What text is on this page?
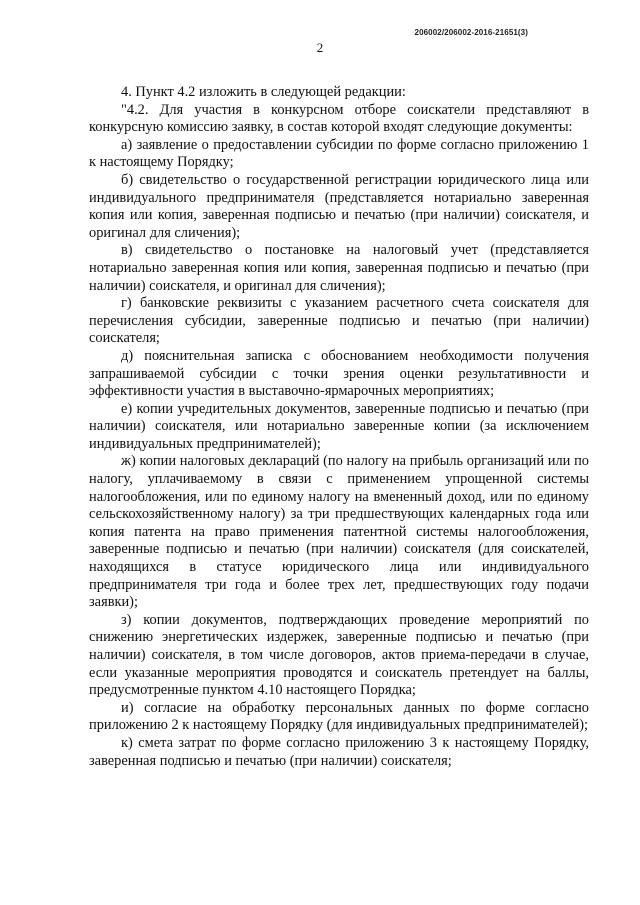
206002/206002-2016-21651(3)
2

4. Пункт 4.2 изложить в следующей редакции:

"4.2. Для участия в конкурсном отборе соискатели представляют в конкурсную комиссию заявку, в состав которой входят следующие документы:

а) заявление о предоставлении субсидии по форме согласно приложению 1 к настоящему Порядку;

б) свидетельство о государственной регистрации юридического лица или индивидуального предпринимателя (представляется нотариально заверенная копия или копия, заверенная подписью и печатью (при наличии) соискателя, и оригинал для сличения);

в) свидетельство о постановке на налоговый учет (представляется нотариально заверенная копия или копия, заверенная подписью и печатью (при наличии) соискателя, и оригинал для сличения);

г) банковские реквизиты с указанием расчетного счета соискателя для перечисления субсидии, заверенные подписью и печатью (при наличии) соискателя;

д) пояснительная записка с обоснованием необходимости получения запрашиваемой субсидии с точки зрения оценки результативности и эффективности участия в выставочно-ярмарочных мероприятиях;

е) копии учредительных документов, заверенные подписью и печатью (при наличии) соискателя, или нотариально заверенные копии (за исключением индивидуальных предпринимателей);

ж) копии налоговых деклараций (по налогу на прибыль организаций или по налогу, уплачиваемому в связи с применением упрощенной системы налогообложения, или по единому налогу на вмененный доход, или по единому сельскохозяйственному налогу) за три предшествующих календарных года или копия патента на право применения патентной системы налогообложения, заверенные подписью и печатью (при наличии) соискателя (для соискателей, находящихся в статусе юридического лица или индивидуального предпринимателя три года и более трех лет, предшествующих году подачи заявки);

з) копии документов, подтверждающих проведение мероприятий по снижению энергетических издержек, заверенные подписью и печатью (при наличии) соискателя, в том числе договоров, актов приема-передачи в случае, если указанные мероприятия проводятся и соискатель претендует на баллы, предусмотренные пунктом 4.10 настоящего Порядка;

и) согласие на обработку персональных данных по форме согласно приложению 2 к настоящему Порядку (для индивидуальных предпринимателей);

к) смета затрат по форме согласно приложению 3 к настоящему Порядку, заверенная подписью и печатью (при наличии) соискателя;
